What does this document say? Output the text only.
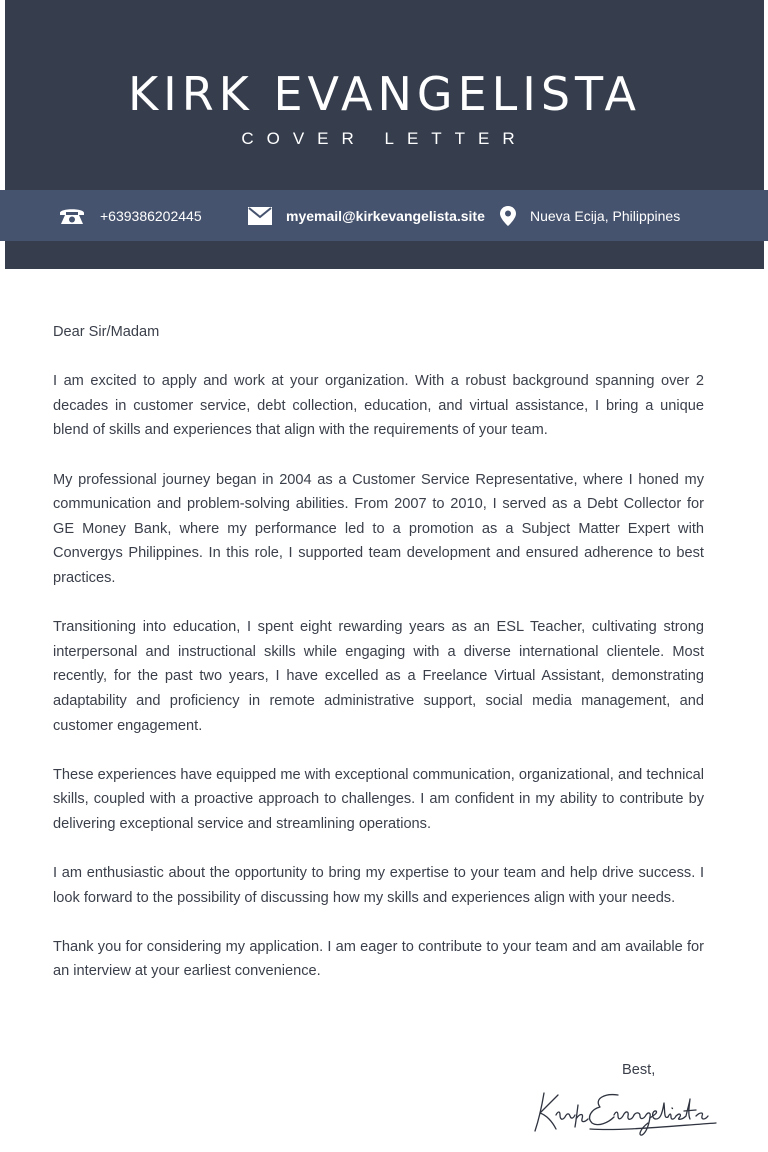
KIRK EVANGELISTA
COVER LETTER
+639386202445	myemail@kirkevangelista.site	Nueva Ecija, Philippines

Dear Sir/Madam

I am excited to apply and work at your organization. With a robust background spanning over 2 decades in customer service, debt collection, education, and virtual assistance, I bring a unique blend of skills and experiences that align with the requirements of your team.

My professional journey began in 2004 as a Customer Service Representative, where I honed my communication and problem-solving abilities. From 2007 to 2010, I served as a Debt Collector for GE Money Bank, where my performance led to a promotion as a Subject Matter Expert with Convergys Philippines. In this role, I supported team development and ensured adherence to best practices.

Transitioning into education, I spent eight rewarding years as an ESL Teacher, cultivating strong interpersonal and instructional skills while engaging with a diverse international clientele. Most recently, for the past two years, I have excelled as a Freelance Virtual Assistant, demonstrating adaptability and proficiency in remote administrative support, social media management, and customer engagement.

These experiences have equipped me with exceptional communication, organizational, and technical skills, coupled with a proactive approach to challenges. I am confident in my ability to contribute by delivering exceptional service and streamlining operations.

I am enthusiastic about the opportunity to bring my expertise to your team and help drive success. I look forward to the possibility of discussing how my skills and experiences align with your needs.

Thank you for considering my application. I am eager to contribute to your team and am available for an interview at your earliest convenience.

Best,
